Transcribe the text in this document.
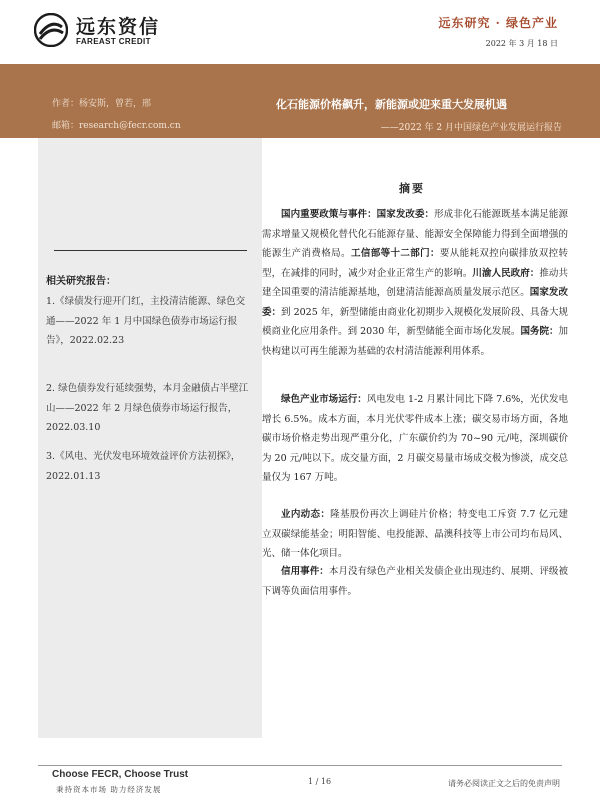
远东资信
FAREAST CREDIT
远东研究 · 绿色产业
2022 年 3 月 18 日
作者：杨安斯，曾若，邢
邮箱：research@fecr.com.cn
化石能源价格飙升，新能源或迎来重大发展机遇
——2022 年 2 月中国绿色产业发展运行报告
相关研究报告：
1.《绿债发行迎开门红，主投清洁能源、绿色交通——2022 年 1 月中国绿色债券市场运行报告》，2022.02.23
2. 绿色债券发行延续强势，本月金融债占半壁江山——2022 年 2 月绿色债券市场运行报告，2022.03.10
3.《风电、光伏发电环境效益评价方法初探》，2022.01.13
摘要
国内重要政策与事件：国家发改委：形成非化石能源既基本满足能源需求增量又规模化替代化石能源存量、能源安全保障能力得到全面增强的能源生产消费格局。工信部等十二部门：要从能耗双控向碳排放双控转型，在减排的同时，减少对企业正常生产的影响。川渝人民政府：推动共建全国重要的清洁能源基地，创建清洁能源高质量发展示范区。国家发改委：到 2025 年，新型储能由商业化初期步入规模化发展阶段、具备大规模商业化应用条件。到 2030 年，新型储能全面市场化发展。国务院：加快构建以可再生能源为基础的农村清洁能源利用体系。
绿色产业市场运行：风电发电 1-2 月累计同比下降 7.6%，光伏发电增长 6.5%。成本方面，本月光伏零件成本上涨；碳交易市场方面，各地碳市场价格走势出现严重分化，广东碳价约为 70~90 元/吨，深圳碳价为 20 元/吨以下。成交量方面，2 月碳交易量市场成交极为惨淡，成交总量仅为 167 万吨。
业内动态：隆基股份再次上调硅片价格；特变电工斥资 7.7 亿元建立双碳绿能基金；明阳智能、电投能源、晶澳科技等上市公司均布局风、光、储一体化项目。
信用事件：本月没有绿色产业相关发债企业出现违约、展期、评级被下调等负面信用事件。
Choose FECR, Choose Trust
秉持资本市场 助力经济发展
1 / 16	请务必阅读正文之后的免责声明
